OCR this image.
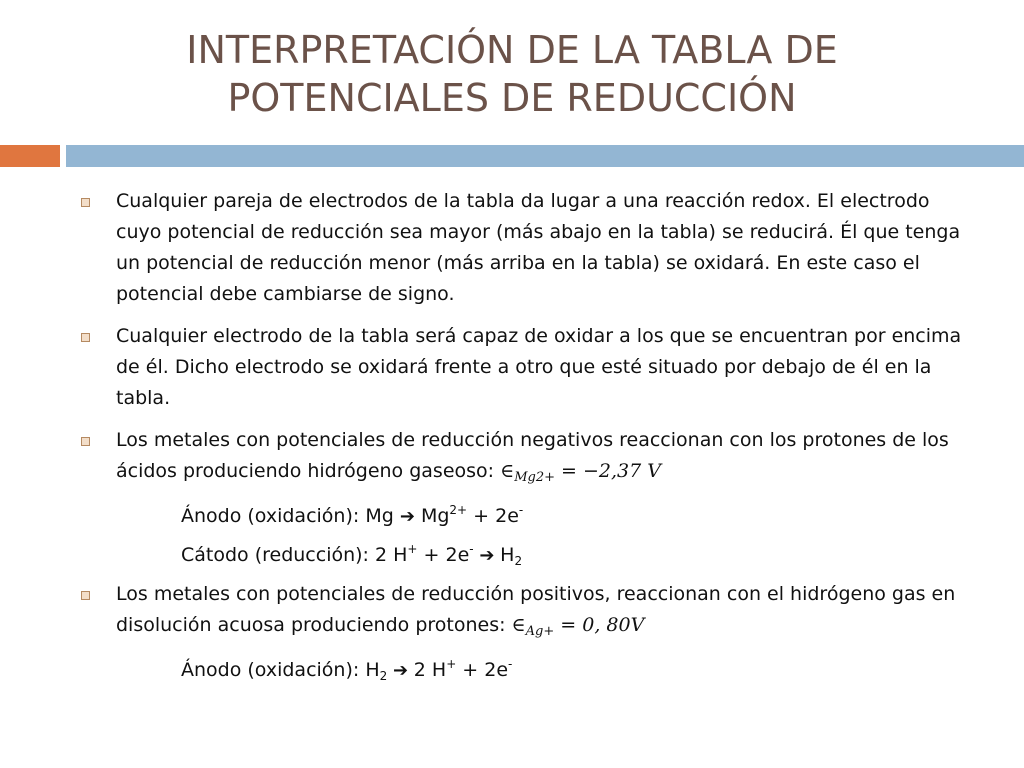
INTERPRETACIÓN DE LA TABLA DE
POTENCIALES DE REDUCCIÓN

Cualquier pareja de electrodos de la tabla da lugar a una reacción redox. El electrodo cuyo potencial de reducción sea mayor (más abajo en la tabla) se reducirá. Él que tenga un potencial de reducción menor (más arriba en la tabla) se oxidará. En este caso el potencial debe cambiarse de signo.

Cualquier electrodo de la tabla será capaz de oxidar a los que se encuentran por encima de él. Dicho electrodo se oxidará frente a otro que esté situado por debajo de él en la tabla.

Los metales con potenciales de reducción negativos reaccionan con los protones de los ácidos produciendo hidrógeno gaseoso: $\in_{Mg2+} = -2,37$ V

Ánodo (oxidación): Mg ➔ $Mg^{2+} + 2e^-$

Cátodo (reducción): 2 H+ + 2e- ➔ $H_2$

Los metales con potenciales de reducción positivos, reaccionan con el hidrógeno gas en disolución acuosa produciendo protones: $\in_{Ag+} = 0$, 80V

Ánodo (oxidación): $H_2$ ➔ 2 H+ + 2e-
